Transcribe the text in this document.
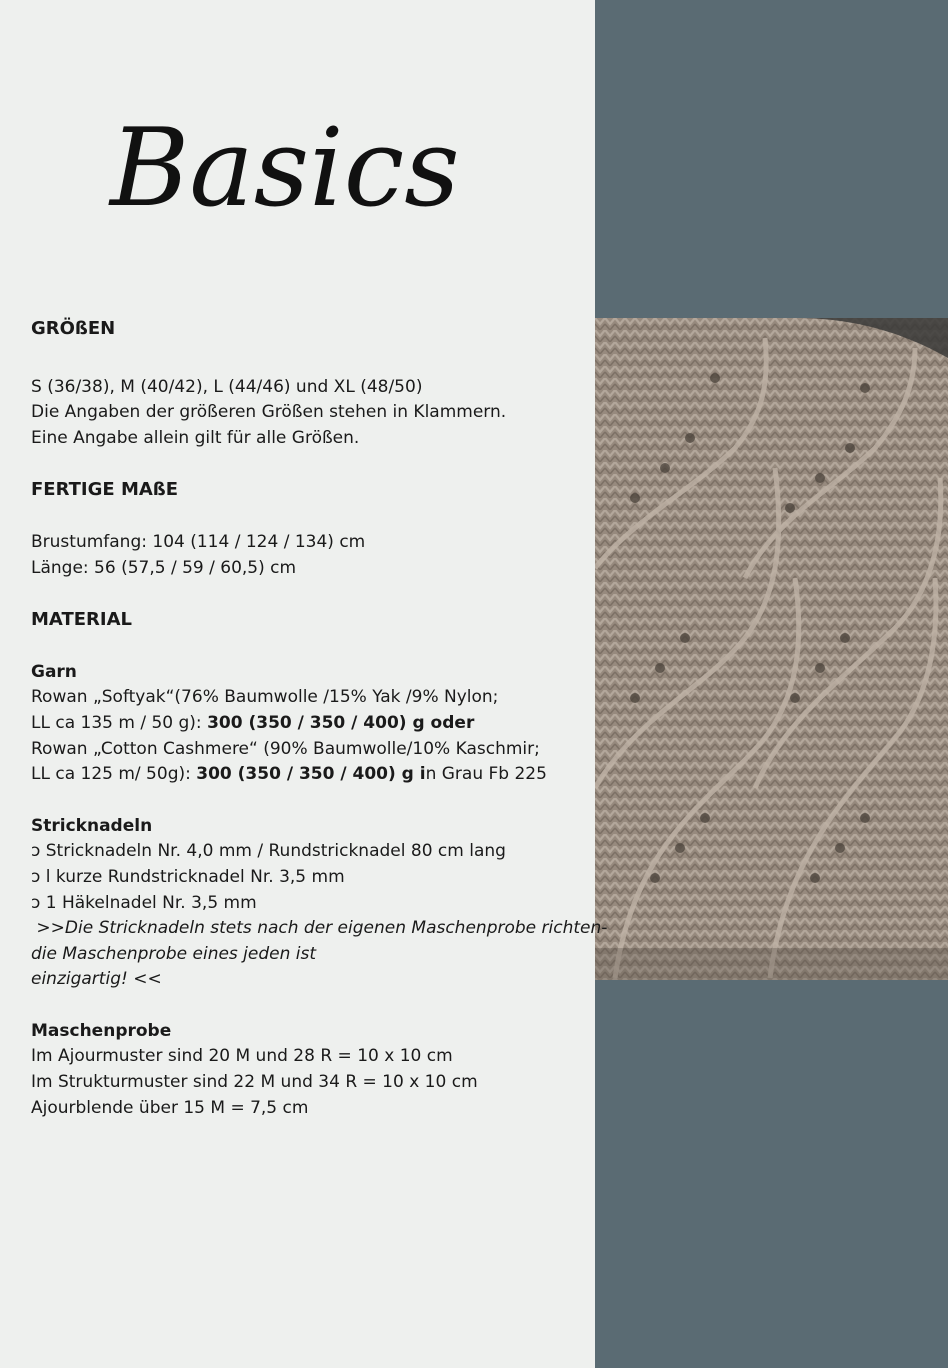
Basics
GRÖßEN
S (36/38), M (40/42), L (44/46) und XL (48/50)
Die Angaben der größeren Größen stehen in Klammern.
Eine Angabe allein gilt für alle Größen.
FERTIGE MAßE
Brustumfang: 104 (114 / 124 / 134) cm
Länge: 56 (57,5 / 59 / 60,5) cm
MATERIAL
Garn
Rowan „Softyak“(76% Baumwolle /15% Yak /9% Nylon;
LL ca 135 m / 50 g): 300 (350 / 350 / 400) g oder
Rowan „Cotton Cashmere“ (90% Baumwolle/10% Kaschmir;
LL ca 125 m/ 50g): 300 (350 / 350 / 400) g in Grau Fb 225
Stricknadeln
ɔ Stricknadeln Nr. 4,0 mm / Rundstricknadel 80 cm lang
ɔ l kurze Rundstricknadel Nr. 3,5 mm
ɔ 1 Häkelnadel Nr. 3,5 mm
>>Die Stricknadeln stets nach der eigenen Maschenprobe richten-
die Maschenprobe eines jeden ist
einzigartig! <<
Maschenprobe
Im Ajourmuster sind 20 M und 28 R = 10 x 10 cm
Im Strukturmuster sind 22 M und 34 R = 10 x 10 cm
Ajourblende über 15 M = 7,5 cm
